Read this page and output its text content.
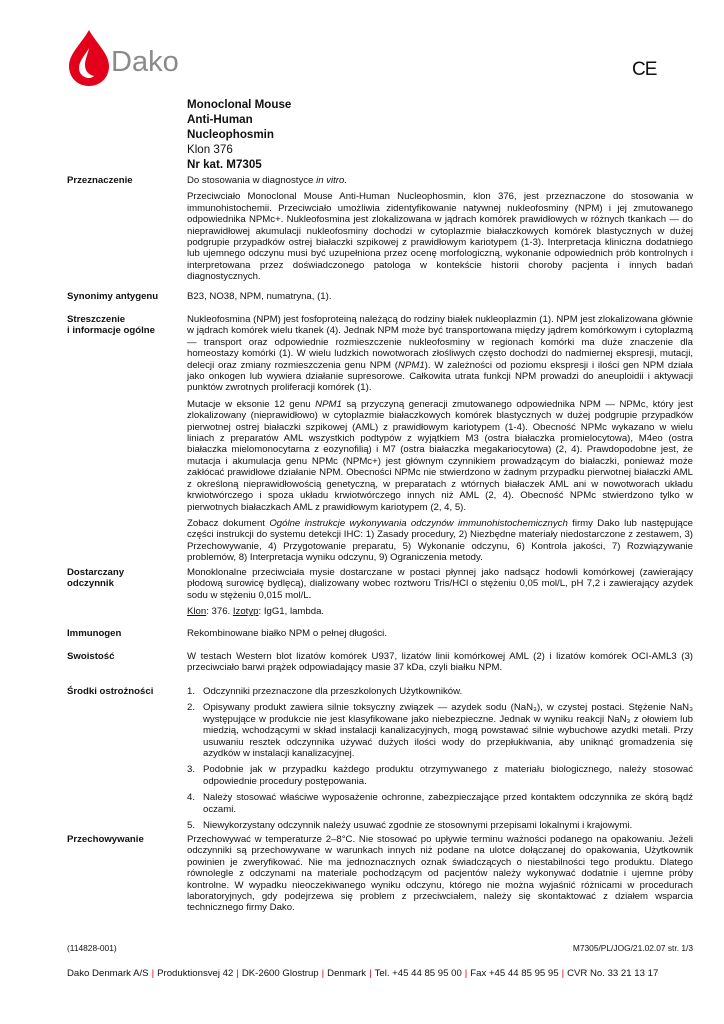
Dako	CE
Monoclonal Mouse
Anti-Human
Nucleophosmin
Klon 376
Nr kat. M7305
Przeznaczenie	Do stosowania w diagnostyce in vitro.

Przeciwciało Monoclonal Mouse Anti-Human Nucleophosmin, klon 376, jest przeznaczone do stosowania w immunohistochemii. Przeciwciało umożliwia zidentyfikowanie natywnej nukleofosminy (NPM) i jej zmutowanego odpowiednika NPMc+. Nukleofosmina jest zlokalizowana w jądrach komórek prawidłowych w różnych tkankach — do nieprawidłowej akumulacji nukleofosminy dochodzi w cytoplazmie białaczkowych komórek blastycznych w dużej podgrupie przypadków ostrej białaczki szpikowej z prawidłowym kariotypem (1-3). Interpretacja kliniczna dodatniego lub ujemnego odczynu musi być uzupełniona przez ocenę morfologiczną, wykonanie odpowiednich prób kontrolnych i interpretowana przez doświadczonego patologa w kontekście historii choroby pacjenta i innych badań diagnostycznych.

Synonimy antygenu	B23, NO38, NPM, numatryna, (1).

Streszczenie
i informacje ogólne

Nukleofosmina (NPM) jest fosfoproteiną należącą do rodziny białek nukleoplazmin (1). NPM jest zlokalizowana głównie w jądrach komórek wielu tkanek (4). Jednak NPM może być transportowana między jądrem komórkowym i cytoplazmą — transport oraz odpowiednie rozmieszczenie nukleofosminy w regionach komórki ma duże znaczenie dla homeostazy komórki (1). W wielu ludzkich nowotworach złośliwych często dochodzi do nadmiernej ekspresji, mutacji, delecji oraz zmiany rozmieszczenia genu NPM (NPM1). W zależności od poziomu ekspresji i ilości gen NPM działa jako onkogen lub wywiera działanie supresorowe. Całkowita utrata funkcji NPM prowadzi do aneuploidii i aktywacji punktów zwrotnych proliferacji komórek (1).

Mutacje w eksonie 12 genu NPM1 są przyczyną generacji zmutowanego odpowiednika NPM — NPMc, który jest zlokalizowany (nieprawidłowo) w cytoplazmie białaczkowych komórek blastycznych w dużej podgrupie przypadków pierwotnej ostrej białaczki szpikowej (AML) z prawidłowym kariotypem (1-4). Obecność NPMc wykazano w wielu liniach z preparatów AML wszystkich podtypów z wyjątkiem M3 (ostra białaczka promielocytowa), M4eo (ostra białaczka mielomonocytarna z eozynofilią) i M7 (ostra białaczka megakariocytowa) (2, 4). Prawdopodobne jest, że mutacja i akumulacja genu NPMc (NPMc+) jest głównym czynnikiem prowadzącym do białaczki, ponieważ może zakłócać prawidłowe działanie NPM. Obecności NPMc nie stwierdzono w żadnym przypadku pierwotnej białaczki AML z określoną nieprawidłowością genetyczną, w preparatach z wtórnych białaczek AML ani w nowotworach układu krwiotwórczego i spoza układu krwiotwórczego innych niż AML (2, 4). Obecność NPMc stwierdzono tylko w pierwotnych białaczkach AML z prawidłowym kariotypem (2, 4, 5).

Zobacz dokument Ogólne instrukcje wykonywania odczynów immunohistochemicznych firmy Dako lub następujące części instrukcji do systemu detekcji IHC: 1) Zasady procedury, 2) Niezbędne materiały niedostarczone z zestawem, 3) Przechowywanie, 4) Przygotowanie preparatu, 5) Wykonanie odczynu, 6) Kontrola jakości, 7) Rozwiązywanie problemów, 8) Interpretacja wyniku odczynu, 9) Ograniczenia metody.

Dostarczany
odczynnik

Monoklonalne przeciwciała mysie dostarczane w postaci płynnej jako nadsącz hodowli komórkowej (zawierający płodową surowicę bydlęcą), dializowany wobec roztworu Tris/HCl o stężeniu 0,05 mol/L, pH 7,2 i zawierający azydek sodu w stężeniu 0,015 mol/L.

Klon: 376. Izotyp: IgG1, lambda.

Immunogen	Rekombinowane białko NPM o pełnej długości.

Swoistość	W testach Western blot lizatów komórek U937, lizatów linii komórkowej AML (2) i lizatów komórek OCI-AML3 (3) przeciwciało barwi prążek odpowiadający masie 37 kDa, czyli białku NPM.

Środki ostrożności	1. Odczynniki przeznaczone dla przeszkolonych Użytkowników.
2. Opisywany produkt zawiera silnie toksyczny związek — azydek sodu (NaN₃), w czystej postaci. Stężenie NaN₃ występujące w produkcie nie jest klasyfikowane jako niebezpieczne. Jednak w wyniku reakcji NaN₃ z ołowiem lub miedzią, wchodzącymi w skład instalacji kanalizacyjnych, mogą powstawać silnie wybuchowe azydki metali. Przy usuwaniu resztek odczynnika używać dużych ilości wody do przepłukiwania, aby uniknąć gromadzenia się azydków w instalacji kanalizacyjnej.
3. Podobnie jak w przypadku każdego produktu otrzymywanego z materiału biologicznego, należy stosować odpowiednie procedury postępowania.
4. Należy stosować właściwe wyposażenie ochronne, zabezpieczające przed kontaktem odczynnika ze skórą bądź oczami.
5. Niewykorzystany odczynnik należy usuwać zgodnie ze stosownymi przepisami lokalnymi i krajowymi.
Przechowywanie	Przechowywać w temperaturze 2–8°C. Nie stosować po upływie terminu ważności podanego na opakowaniu. Jeżeli odczynniki są przechowywane w warunkach innych niż podane na ulotce dołączanej do opakowania, Użytkownik powinien je zweryfikować. Nie ma jednoznacznych oznak świadczących o niestabilności tego produktu. Dlatego równolegle z odczynami na materiale pochodzącym od pacjentów należy wykonywać dodatnie i ujemne próby kontrolne. W wypadku nieoczekiwanego wyniku odczynu, którego nie można wyjaśnić różnicami w procedurach laboratoryjnych, gdy podejrzewa się problem z przeciwciałem, należy się skontaktować z działem wsparcia technicznego firmy Dako.

(114828-001)	M7305/PL/JOG/21.02.07 str. 1/3
Dako Denmark A/S | Produktionsvej 42 | DK-2600 Glostrup | Denmark | Tel. +45 44 85 95 00 | Fax +45 44 85 95 95 | CVR No. 33 21 13 17
